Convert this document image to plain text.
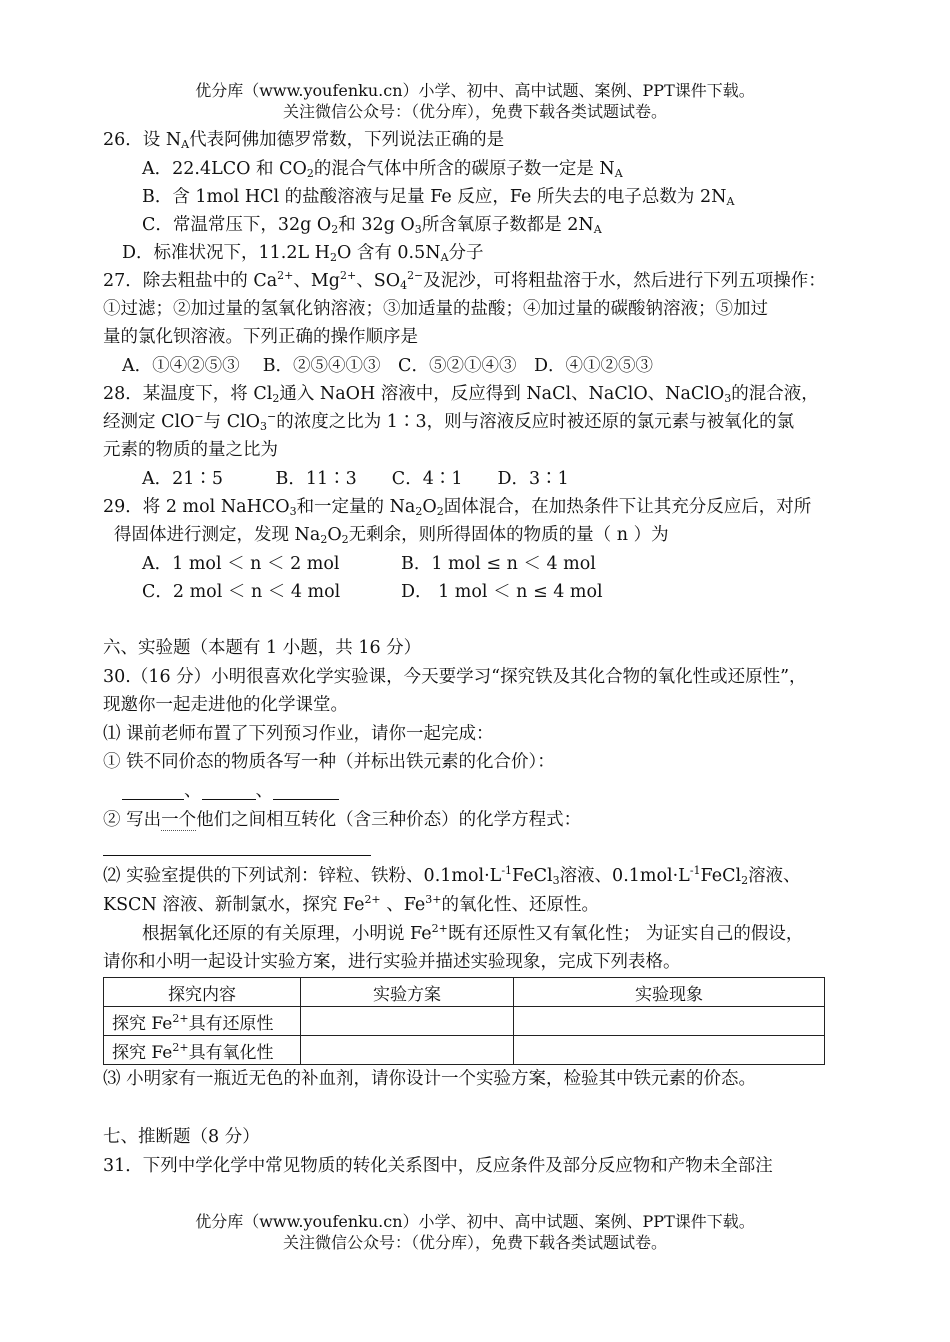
优分库（www.youfenku.cn）小学、初中、高中试题、案例、PPT课件下载。
关注微信公众号：（优分库），免费下载各类试题试卷。
26．设 $N_A$代表阿佛加德罗常数，下列说法正确的是
A．22.4LCO 和 $CO_2$的混合气体中所含的碳原子数一定是 $N_A$
B．含 1mol HCl 的盐酸溶液与足量 Fe 反应，Fe 所失去的电子总数为 $2N_A$
C．常温常压下，32g $O_2$和 32g $O_3$所含氧原子数都是 $2N_A$
D．标准状况下，11.2L $H_2O$ 含有 $0.5N_A$分子
27．除去粗盐中的 $Ca^{2+}$、$Mg^{2+}$、$SO_4^{2-}$及泥沙，可将粗盐溶于水，然后进行下列五项操作：
①过滤；②加过量的氢氧化钠溶液；③加适量的盐酸；④加过量的碳酸钠溶液；⑤加过
量的氯化钡溶液。下列正确的操作顺序是
A．①④②⑤③　 B．②⑤④①③　C．⑤②①④③　D．④①②⑤③
28．某温度下，将 $Cl_2$通入 NaOH 溶液中，反应得到 NaCl、NaClO、NaClO$_3$的混合液，
经测定 ClO−与 ClO$_3$−的浓度之比为 1∶3，则与溶液反应时被还原的氯元素与被氧化的氯
元素的物质的量之比为
A．21∶5　　　B．11∶3　　C．4∶1　　D．3∶1
29．将 2 mol NaHCO$_3$和一定量的 $Na_2O_2$固体混合，在加热条件下让其充分反应后，对所
得固体进行测定，发现 $Na_2O_2$无剩余，则所得固体的物质的量（ n ）为
A．1 mol ＜ n ＜ 2 mol	B．1 mol ≤ n ＜ 4 mol
C．2 mol ＜ n ＜ 4 mol	D． 1 mol ＜ n ≤ 4 mol
六、实验题（本题有 1 小题，共 16 分）
30.（16 分）小明很喜欢化学实验课，今天要学习“探究铁及其化合物的氧化性或还原性”，
现邀你一起走进他的化学课堂。
⑴ 课前老师布置了下列预习作业，请你一起完成：
① 铁不同价态的物质各写一种（并标出铁元素的化合价）：
、	、
② 写出一个他们之间相互转化（含三种价态）的化学方程式：
⑵ 实验室提供的下列试剂：锌粒、铁粉、$0.1mol\cdot L^{-1}FeCl_3$溶液、$0.1mol\cdot L^{-1}FeCl_2$溶液、
KSCN 溶液、新制氯水，探究 $Fe^{2+}$ 、$Fe^{3+}$的氧化性、还原性。
根据氧化还原的有关原理，小明说 $Fe^{2+}$既有还原性又有氧化性； 为证实自己的假设，
请你和小明一起设计实验方案，进行实验并描述实验现象，完成下列表格。
探究内容	实验方案	实验现象
探究 $Fe^{2+}$具有还原性		
探究 $Fe^{2+}$具有氧化性		
⑶ 小明家有一瓶近无色的补血剂，请你设计一个实验方案，检验其中铁元素的价态。
七、推断题（8 分）
31．下列中学化学中常见物质的转化关系图中，反应条件及部分反应物和产物未全部注
优分库（www.youfenku.cn）小学、初中、高中试题、案例、PPT课件下载。
关注微信公众号：（优分库），免费下载各类试题试卷。
